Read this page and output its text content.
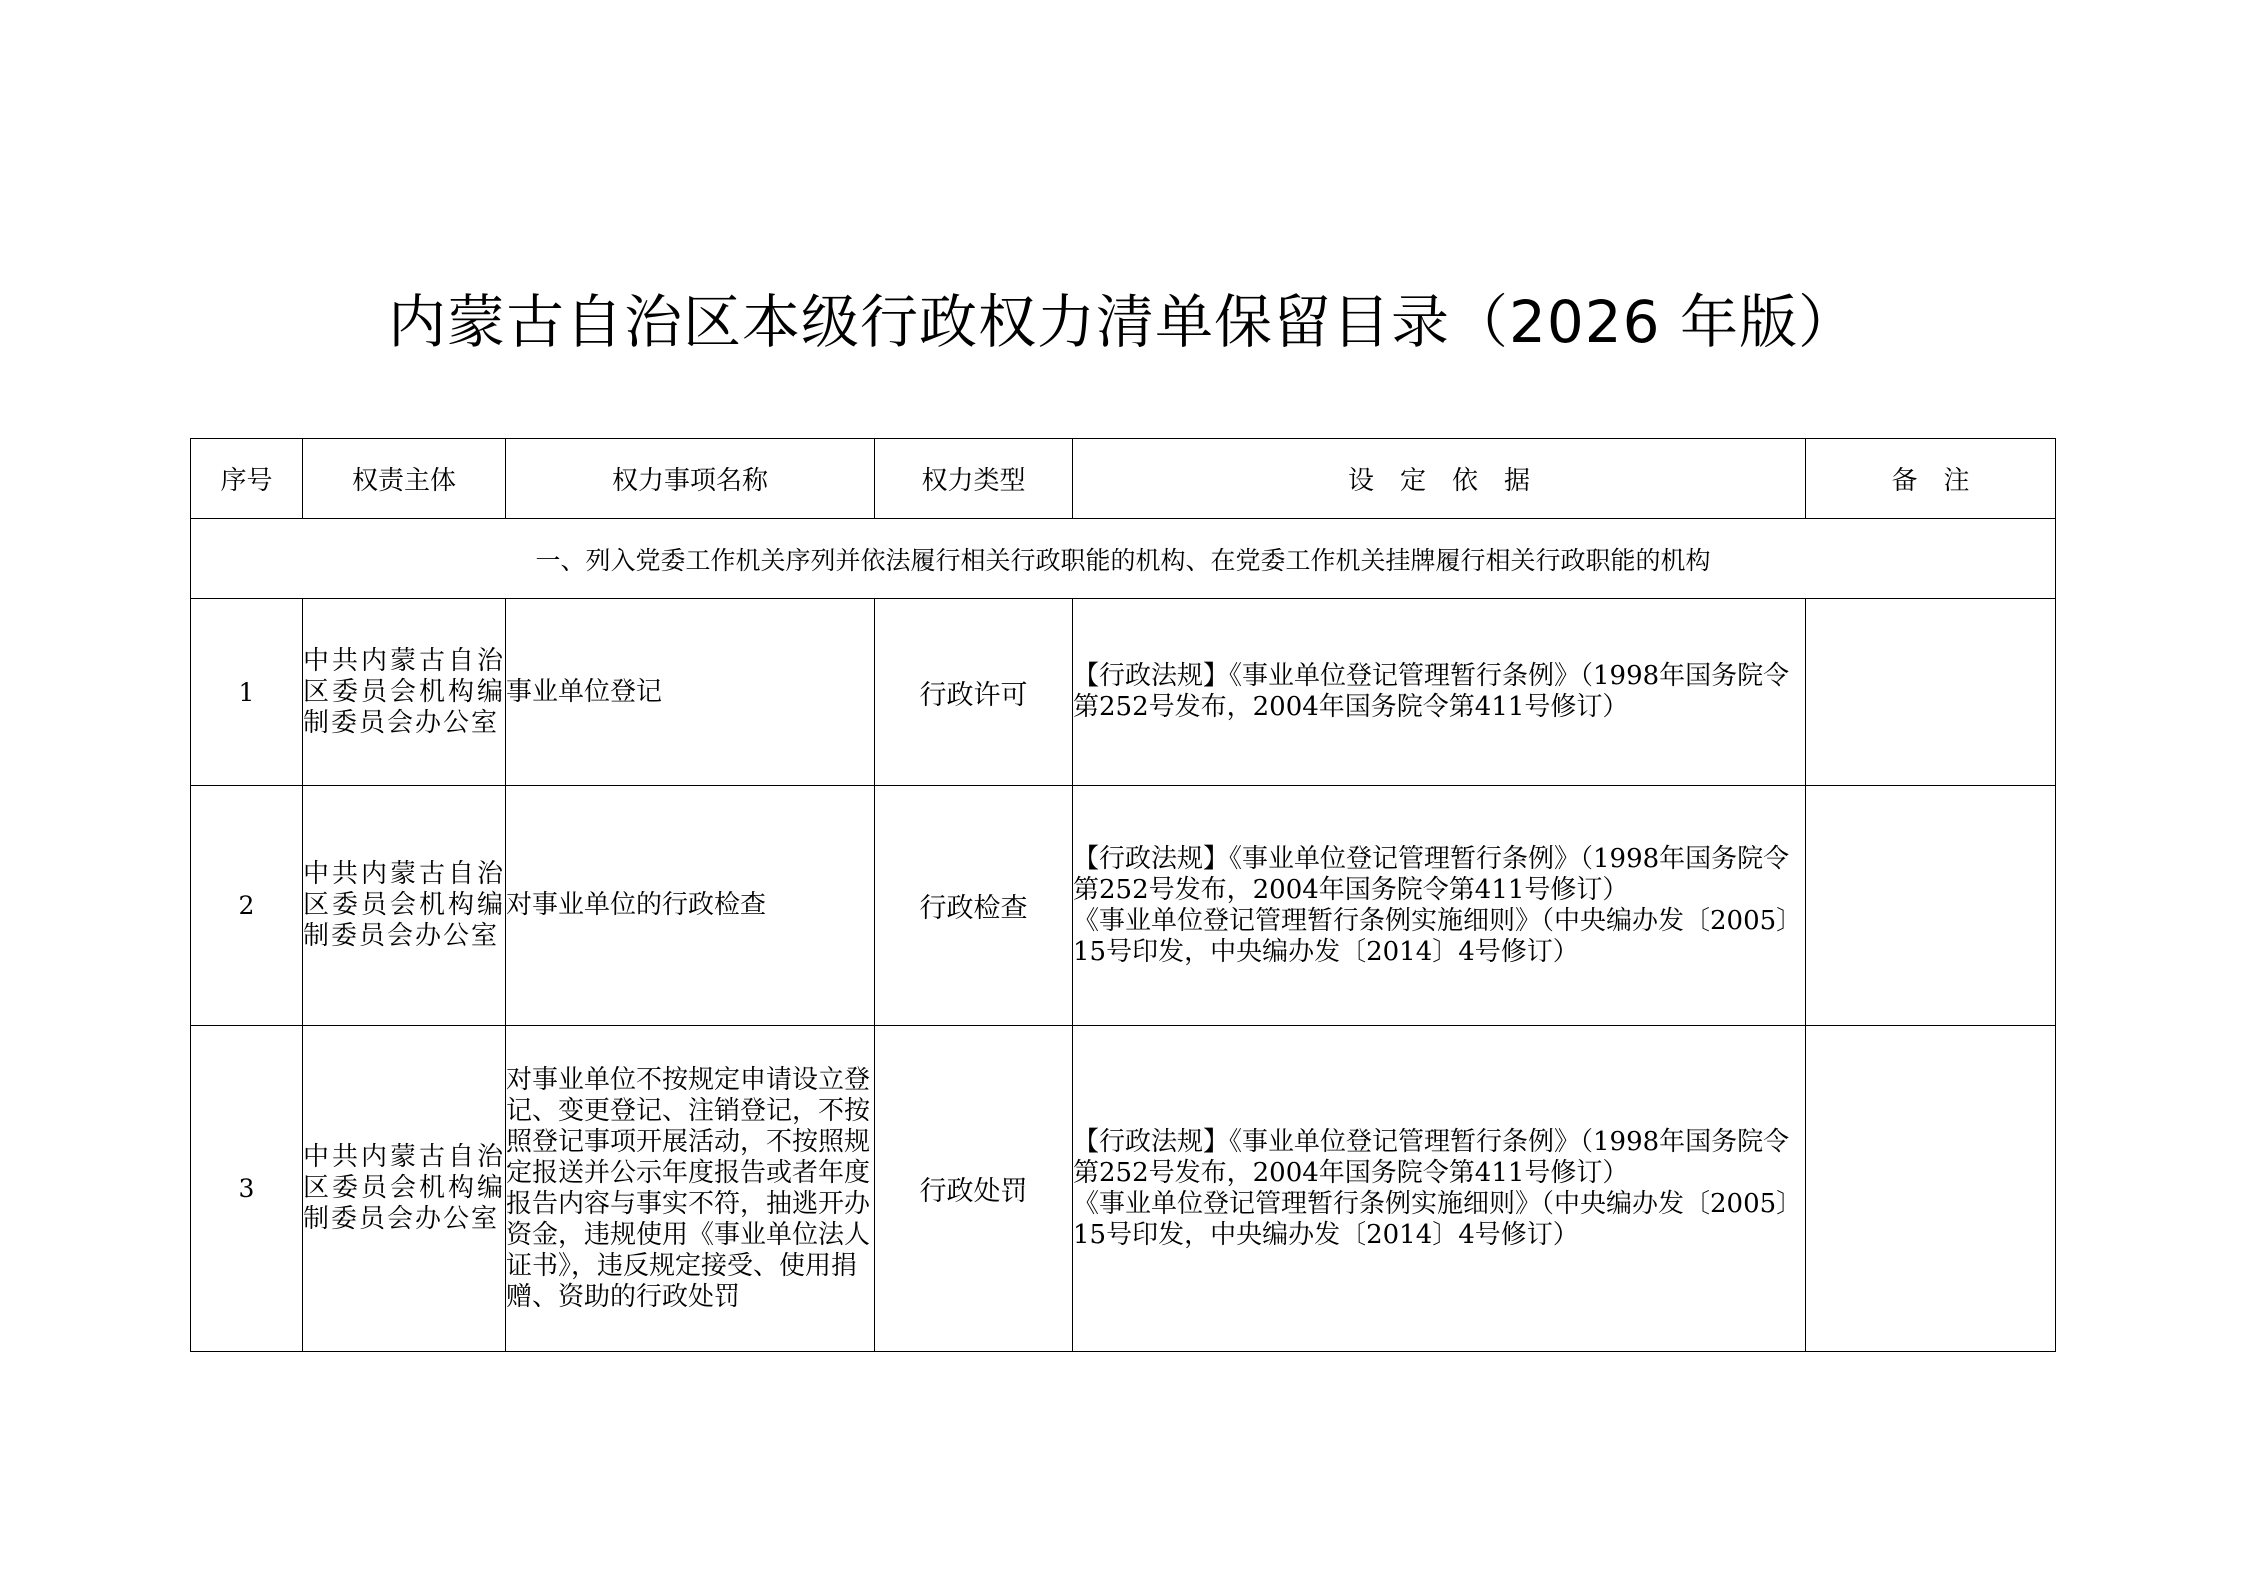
内蒙古自治区本级行政权力清单保留目录（2026 年版）
序号	权责主体	权力事项名称	权力类型	设　定　依　据	备　注
一、列入党委工作机关序列并依法履行相关行政职能的机构、在党委工作机关挂牌履行相关行政职能的机构					
1	中共内蒙古自治区委员会机构编制委员会办公室	事业单位登记	行政许可	【行政法规】《事业单位登记管理暂行条例》（1998年国务院令第252号发布，2004年国务院令第411号修订）	

2	中共内蒙古自治区委员会机构编制委员会办公室	对事业单位的行政检查	行政检查	【行政法规】《事业单位登记管理暂行条例》（1998年国务院令第252号发布，2004年国务院令第411号修订）
《事业单位登记管理暂行条例实施细则》（中央编办发〔2005〕15号印发，中央编办发〔2014〕4号修订）	

3	中共内蒙古自治区委员会机构编制委员会办公室	对事业单位不按规定申请设立登记、变更登记、注销登记，不按照登记事项开展活动，不按照规定报送并公示年度报告或者年度报告内容与事实不符，抽逃开办资金，违规使用《事业单位法人证书》，违反规定接受、使用捐赠、资助的行政处罚	行政处罚	【行政法规】《事业单位登记管理暂行条例》（1998年国务院令第252号发布，2004年国务院令第411号修订）
《事业单位登记管理暂行条例实施细则》（中央编办发〔2005〕15号印发，中央编办发〔2014〕4号修订）	
